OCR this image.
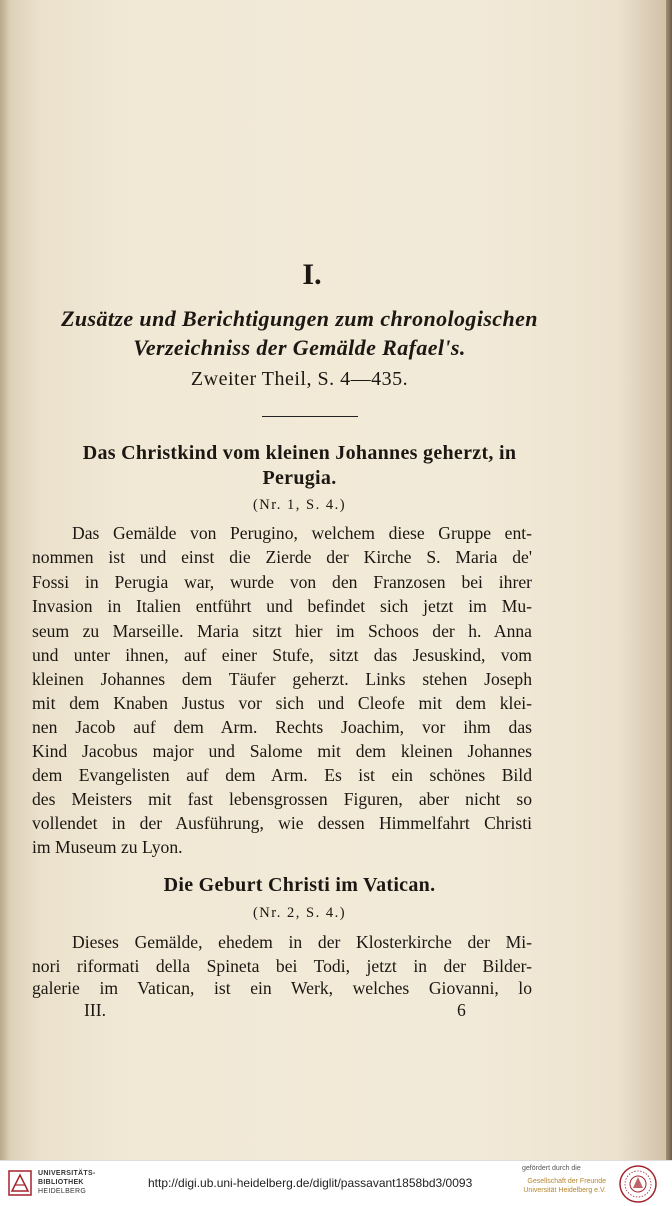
I.
Zusätze und Berichtigungen zum chronologischen
Verzeichniss der Gemälde Rafael's.
Zweiter Theil, S. 4—435.
Das Christkind vom kleinen Johannes geherzt, in
Perugia.
(Nr. 1, S. 4.)
Das Gemälde von Perugino, welchem diese Gruppe ent-
nommen ist und einst die Zierde der Kirche S. Maria de'
Fossi in Perugia war, wurde von den Franzosen bei ihrer
Invasion in Italien entführt und befindet sich jetzt im Mu-
seum zu Marseille. Maria sitzt hier im Schoos der h. Anna
und unter ihnen, auf einer Stufe, sitzt das Jesuskind, vom
kleinen Johannes dem Täufer geherzt. Links stehen Joseph
mit dem Knaben Justus vor sich und Cleofe mit dem klei-
nen Jacob auf dem Arm. Rechts Joachim, vor ihm das
Kind Jacobus major und Salome mit dem kleinen Johannes
dem Evangelisten auf dem Arm. Es ist ein schönes Bild
des Meisters mit fast lebensgrossen Figuren, aber nicht so
vollendet in der Ausführung, wie dessen Himmelfahrt Christi
im Museum zu Lyon.
Die Geburt Christi im Vatican.
(Nr. 2, S. 4.)
Dieses Gemälde, ehedem in der Klosterkirche der Mi-
nori riformati della Spineta bei Todi, jetzt in der Bilder-
galerie im Vatican, ist ein Werk, welches Giovanni, lo
III.	6
UNIVERSITÄTS-
BIBLIOTHEK
HEIDELBERG
http://digi.ub.uni-heidelberg.de/diglit/passavant1858bd3/0093
gefördert durch die
Gesellschaft der Freunde
Universität Heidelberg e.V.
